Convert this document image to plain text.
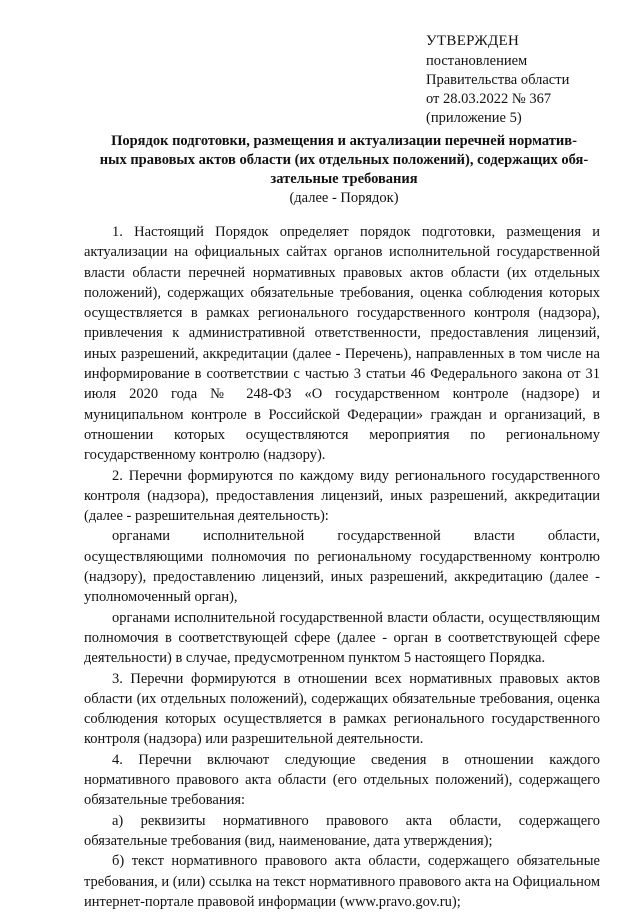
УТВЕРЖДЕН
постановлением
Правительства области
от 28.03.2022 № 367
(приложение 5)
Порядок подготовки, размещения и актуализации перечней норматив-
ных правовых актов области (их отдельных положений), содержащих обя-
зательные требования
(далее - Порядок)

1. Настоящий Порядок определяет порядок подготовки, размещения и актуализации на официальных сайтах органов исполнительной государственной власти области перечней нормативных правовых актов области (их отдельных положений), содержащих обязательные требования, оценка соблюдения которых осуществляется в рамках регионального государственного контроля (надзора), привлечения к административной ответственности, предоставления лицензий, иных разрешений, аккредитации (далее - Перечень), направленных в том числе на информирование в соответствии с частью 3 статьи 46 Федерального закона от 31 июля 2020 года № 248-ФЗ «О государственном контроле (надзоре) и муниципальном контроле в Российской Федерации» граждан и организаций, в отношении которых осуществляются мероприятия по региональному государственному контролю (надзору).

2. Перечни формируются по каждому виду регионального государственного контроля (надзора), предоставления лицензий, иных разрешений, аккредитации (далее - разрешительная деятельность):

органами исполнительной государственной власти области, осуществляющими полномочия по региональному государственному контролю (надзору), предоставлению лицензий, иных разрешений, аккредитацию (далее - уполномоченный орган),

органами исполнительной государственной власти области, осуществляющим полномочия в соответствующей сфере (далее - орган в соответствующей сфере деятельности) в случае, предусмотренном пунктом 5 настоящего Порядка.

3. Перечни формируются в отношении всех нормативных правовых актов области (их отдельных положений), содержащих обязательные требования, оценка соблюдения которых осуществляется в рамках регионального государственного контроля (надзора) или разрешительной деятельности.

4. Перечни включают следующие сведения в отношении каждого нормативного правового акта области (его отдельных положений), содержащего обязательные требования:

а) реквизиты нормативного правового акта области, содержащего обязательные требования (вид, наименование, дата утверждения);

б) текст нормативного правового акта области, содержащего обязательные требования, и (или) ссылка на текст нормативного правового акта на Официальном интернет-портале правовой информации (www.pravo.gov.ru);
